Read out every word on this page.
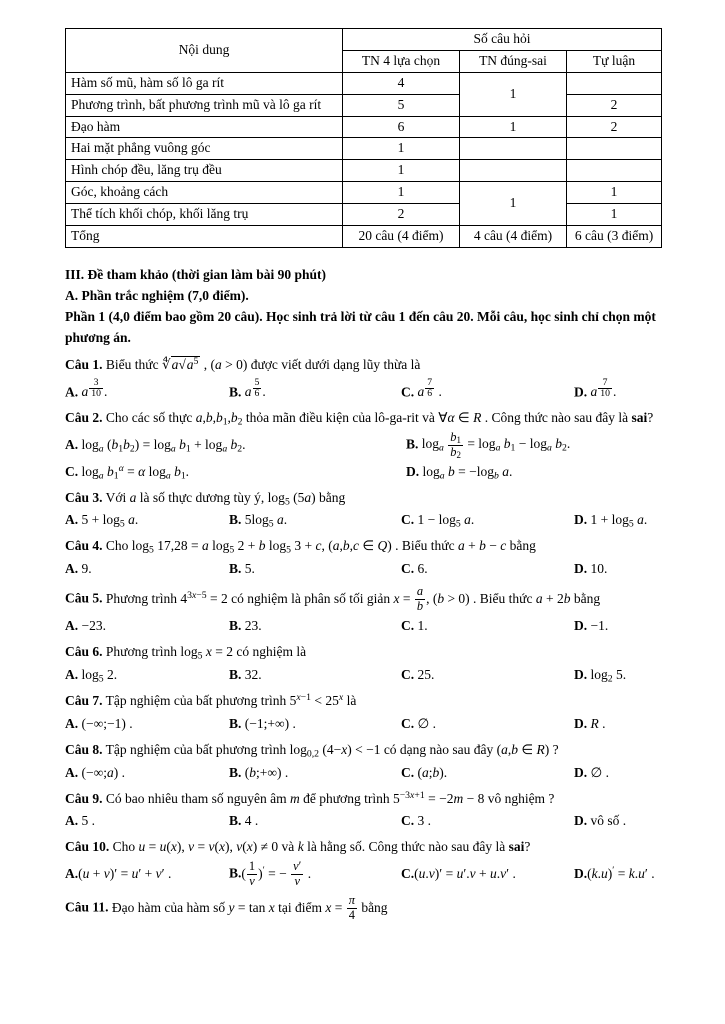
Nội dung	Số câu hỏi		
	TN 4 lựa chọn	TN đúng-sai	Tự luận
Hàm số mũ, hàm số lô ga rít	4	1	
Phương trình, bất phương trình mũ và lô ga rít	5		2
Đạo hàm	6	1	2
Hai mặt phẳng vuông góc	1		
Hình chóp đều, lăng trụ đều	1		
Góc, khoảng cách	1	1	1
Thể tích khối chóp, khối lăng trụ	2		1
Tổng	20 câu (4 điểm)	4 câu (4 điểm)	6 câu (3 điểm)

III. Đề tham khảo (thời gian làm bài 90 phút)

A. Phần trắc nghiệm (7,0 điểm).

Phần 1 (4,0 điểm bao gồm 20 câu). Học sinh trả lời từ câu 1 đến câu 20. Mỗi câu, học sinh chỉ chọn một phương án.

Câu 1. Biểu thức $∜a√a^5$ , (a > 0) được viết dưới dạng lũy thừa là

A. a $^{\frac{3}{10}}$ .	B. a $^{\frac{5}{6}}$ .	C. a $^{\frac{7}{6}}$ .	D. a $^{\frac{7}{10}}$ .

Câu 2. Cho các số thực $a,b,b_1,b_2$ thỏa mãn điều kiện của lô-ga-rit và ∀α ∈ R . Công thức nào sau đây là sai?

A. $\log_a (b_1b_2) = \log_a b_1 + \log_a b_2$.	B. $\log_a \frac{b_1}{b_2} = \log_a b_1 - \log_a b_2$.
C. $\log_a b_1^\alpha = \alpha$ $\log_a b_1$.	D. $\log_a b = -\log_b$ a.

Câu 3. Với a là số thực dương tùy ý, $\log_5 (5a)$ bằng

A. $5 + \log_5 a$.	B. $5\log_5$ a.	C. $1 - \log_5 a$.	D. $1 + \log_5 a$.

Câu 4. Cho $\log_5 17,28 = a$ $\log_5 2 + b$ $\log_5 3 + c$, (a,b,c ∈ Q) . Biểu thức a + b − c bằng

A. 9.	B. 5.	C. 6.	D. 10.

Câu 5. Phương trình $4^{3x-5} = 2$ có nghiệm là phân số tối giản $x = \frac{a}{b}$ , (b > 0) . Biểu thức a + 2b bằng

A. −23.	B. 23.	C. 1.	D. −1.

Câu 6. Phương trình $\log_5 x = 2$ có nghiệm là

A. $\log_5 2$.	B. 32.	C. 25.	D. $\log_2 5$.

Câu 7. Tập nghiệm của bất phương trình $5^{x-1} < 25^x$ là

A. (−∞;−1) .	B. (−1;+∞) .	C. ∅ .	D. R .

Câu 8. Tập nghiệm của bất phương trình $\log_{0,2} (4-x) < -1$ có dạng nào sau đây (a,b ∈ R) ?

A. (−∞;a) .	B. (b;+∞) .	C. (a;b).	D. ∅ .

Câu 9. Có bao nhiêu tham số nguyên âm m để phương trình $5^{-3x+1} = -2m - 8$ vô nghiệm ?

A. 5 .	B. 4 .	C. 3 .	D. vô số .

Câu 10. Cho u = u(x), v = v(x), v(x) ≠ 0 và k là hằng số. Công thức nào sau đây là sai?

A.(u + v)′ = u′ + v′ .	$B.( \frac{1}{v} )'$ = − $\frac{v'}{v}$ .	C.(u.v)′ = u′.v + u.v′ .	D.(k.u)′ = k.u′ .

Câu 11. Đạo hàm của hàm số y = tan x tại điểm $x = \frac{\pi}{4}$ bằng
